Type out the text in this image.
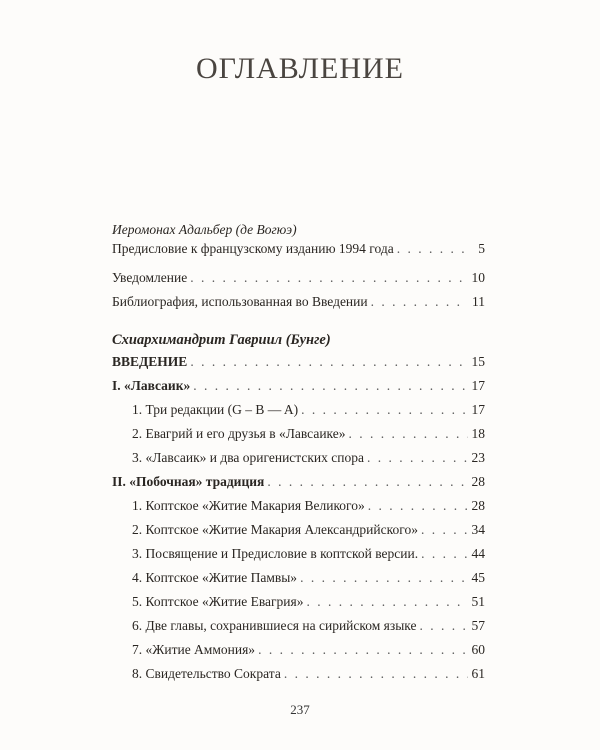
ОГЛАВЛЕНИЕ
Иеромонах Адальбер (де Вогюэ)
Предисловие к французскому изданию 1994 года . . .	5
Уведомление . . .	10
Библиография, использованная во Введении . . .	11
Схиархимандрит Гавриил (Бунге)
ВВЕДЕНИЕ . . .	15
I. «Лавсаик» . . .	17
1. Три редакции (G – B — A) . . .	17
2. Евагрий и его друзья в «Лавсаике» . . .	18
3. «Лавсаик» и два оригенистских спора . . .	23
II. «Побочная» традиция . . .	28
1. Коптское «Житие Макария Великого» . . .	28
2. Коптское «Житие Макария Александрийского» . . .	34
3. Посвящение и Предисловие в коптской версии. . . .	44
4. Коптское «Житие Памвы» . . .	45
5. Коптское «Житие Евагрия» . . .	51
6. Две главы, сохранившиеся на сирийском языке . . .	57
7. «Житие Аммония» . . .	60
8. Свидетельство Сократа . . .	61
237
